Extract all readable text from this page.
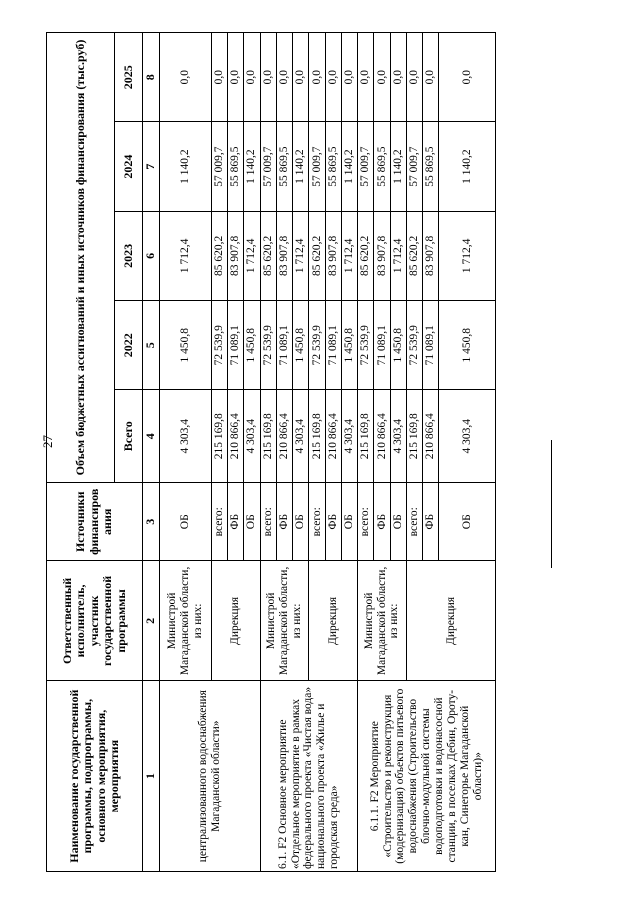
27
Наименование государственной программы, подпрограммы, основного мероприятия, мероприятия	Ответственный исполнитель, участник государственной программы	Источники финансиров ания	Объем бюджетных ассигнований и иных источников финансирования (тыс.руб)				
			Всего	2022	2023	2024	2025
1	2	3	4	5	6	7	8
централизованного водоснабжения Магаданской области»	Министрой Магаданской области, из них:	ОБ	4 303,4	1 450,8	1 712,4	1 140,2	0,0
	Дирекция	всего:	215 169,8	72 539,9	85 620,2	57 009,7	0,0
		ФБ	210 866,4	71 089,1	83 907,8	55 869,5	0,0
		ОБ	4 303,4	1 450,8	1 712,4	1 140,2	0,0
6.1. F2 Основное мероприятие «Отдельное мероприятие в рамках федерального проекта «Чистая вода» национального проекта «Жилье и городская среда»	Министрой Магаданской области, из них:	всего:	215 169,8	72 539,9	85 620,2	57 009,7	0,0
		ФБ	210 866,4	71 089,1	83 907,8	55 869,5	0,0
		ОБ	4 303,4	1 450,8	1 712,4	1 140,2	0,0
	Дирекция	всего:	215 169,8	72 539,9	85 620,2	57 009,7	0,0
		ФБ	210 866,4	71 089,1	83 907,8	55 869,5	0,0
		ОБ	4 303,4	1 450,8	1 712,4	1 140,2	0,0
6.1.1. F2 Мероприятие «Строительство и реконструкция (модернизация) объектов питьевого водоснабжения (Строительство блочно-модульной системы водоподготовки и водонасосной станции, в поселках Дебин, Оротукан, Синегорье Магаданской области)»	Министрой Магаданской области, из них:	всего:	215 169,8	72 539,9	85 620,2	57 009,7	0,0
		ФБ	210 866,4	71 089,1	83 907,8	55 869,5	0,0
		ОБ	4 303,4	1 450,8	1 712,4	1 140,2	0,0
	Дирекция	всего:	215 169,8	72 539,9	85 620,2	57 009,7	0,0
		ФБ	210 866,4	71 089,1	83 907,8	55 869,5	0,0
		ОБ	4 303,4	1 450,8	1 712,4	1 140,2	0,0
